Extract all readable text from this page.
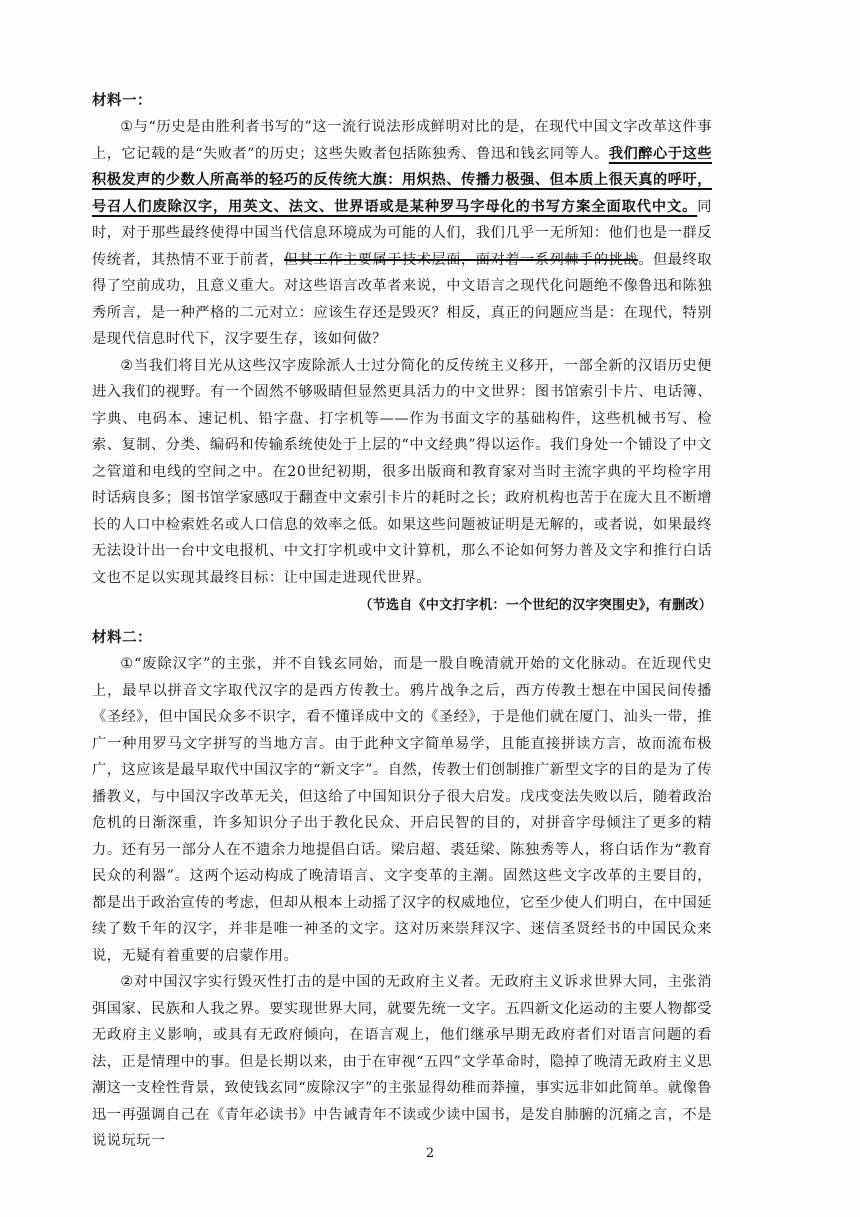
材料一：

①与“历史是由胜利者书写的”这一流行说法形成鲜明对比的是，在现代中国文字改革这件事上，它记载的是“失败者”的历史；这些失败者包括陈独秀、鲁迅和钱玄同等人。我们醉心于这些积极发声的少数人所高举的轻巧的反传统大旗：用炽热、传播力极强、但本质上很天真的呼吁，号召人们废除汉字，用英文、法文、世界语或是某种罗马字母化的书写方案全面取代中文。同时，对于那些最终使得中国当代信息环境成为可能的人们，我们几乎一无所知：他们也是一群反传统者，其热情不亚于前者，但其工作主要属于技术层面，面对着一系列棘手的挑战。但最终取得了空前成功，且意义重大。对这些语言改革者来说，中文语言之现代化问题绝不像鲁迅和陈独秀所言，是一种严格的二元对立：应该生存还是毁灭？相反，真正的问题应当是：在现代，特别是现代信息时代下，汉字要生存，该如何做？

②当我们将目光从这些汉字废除派人士过分简化的反传统主义移开，一部全新的汉语历史便进入我们的视野。有一个固然不够吸睛但显然更具活力的中文世界：图书馆索引卡片、电话簿、字典、电码本、速记机、铅字盘、打字机等——作为书面文字的基础构件，这些机械书写、检索、复制、分类、编码和传输系统使处于上层的“中文经典”得以运作。我们身处一个铺设了中文之管道和电线的空间之中。在20世纪初期，很多出版商和教育家对当时主流字典的平均检字用时话病良多；图书馆学家感叹于翻查中文索引卡片的耗时之长；政府机构也苦于在庞大且不断增长的人口中检索姓名或人口信息的效率之低。如果这些问题被证明是无解的，或者说，如果最终无法设计出一台中文电报机、中文打字机或中文计算机，那么不论如何努力普及文字和推行白话文也不足以实现其最终目标：让中国走进现代世界。

（节选自《中文打字机：一个世纪的汉字突围史》，有删改）
材料二：

①“废除汉字”的主张，并不自钱玄同始，而是一股自晚清就开始的文化脉动。在近现代史上，最早以拼音文字取代汉字的是西方传教士。鸦片战争之后，西方传教士想在中国民间传播《圣经》，但中国民众多不识字，看不懂译成中文的《圣经》，于是他们就在厦门、汕头一带，推广一种用罗马文字拼写的当地方言。由于此种文字简单易学，且能直接拼读方言，故而流布极广，这应该是最早取代中国汉字的“新文字”。自然，传教士们创制推广新型文字的目的是为了传播教义，与中国汉字改革无关，但这给了中国知识分子很大启发。戊戌变法失败以后，随着政治危机的日渐深重，许多知识分子出于教化民众、开启民智的目的，对拼音字母倾注了更多的精力。还有另一部分人在不遗余力地提倡白话。梁启超、裘廷梁、陈独秀等人，将白话作为“教育民众的利器”。这两个运动构成了晚清语言、文字变革的主潮。固然这些文字改革的主要目的，都是出于政治宣传的考虑，但却从根本上动摇了汉字的权威地位，它至少使人们明白，在中国延续了数千年的汉字，并非是唯一神圣的文字。这对历来崇拜汉字、迷信圣贤经书的中国民众来说，无疑有着重要的启蒙作用。

②对中国汉字实行毁灭性打击的是中国的无政府主义者。无政府主义诉求世界大同，主张消弭国家、民族和人我之界。要实现世界大同，就要先统一文字。五四新文化运动的主要人物都受无政府主义影响，或具有无政府倾向，在语言观上，他们继承早期无政府者们对语言问题的看法，正是情理中的事。但是长期以来，由于在审视“五四”文学革命时，隐掉了晚清无政府主义思潮这一支栓性背景，致使钱玄同“废除汉字”的主张显得幼稚而莽撞，事实远非如此简单。就像鲁迅一再强调自己在《青年必读书》中告诫青年不读或少读中国书，是发自肺腑的沉痛之言，不是说说玩玩一

2
